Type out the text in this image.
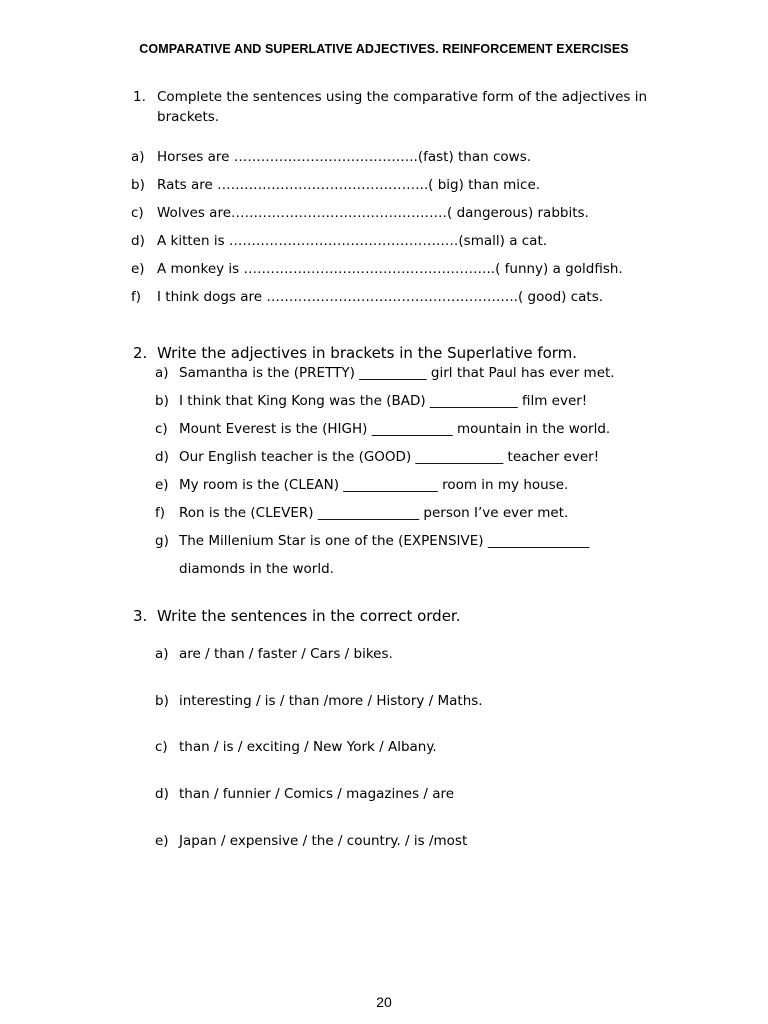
COMPARATIVE AND SUPERLATIVE ADJECTIVES. REINFORCEMENT EXERCISES
1. Complete the sentences using the comparative form of the adjectives in
brackets.
a) Horses are …………………………………..(fast) than cows.
b) Rats are ………………………………………..( big) than mice.
c) Wolves are…………………………………………( dangerous) rabbits.
d) A kitten is ……………………………………………(small) a cat.
e) A monkey is ………………………………………………..( funny) a goldfish.
f) I think dogs are ………………………………………………..( good) cats.
2. Write the adjectives in brackets in the Superlative form.
a) Samantha is the (PRETTY) __________ girl that Paul has ever met.
b) I think that King Kong was the (BAD) _____________ film ever!
c) Mount Everest is the (HIGH) ____________ mountain in the world.
d) Our English teacher is the (GOOD) _____________ teacher ever!
e) My room is the (CLEAN) ______________ room in my house.
f) Ron is the (CLEVER) _______________ person I’ve ever met.
g) The Millenium Star is one of the (EXPENSIVE) _______________
diamonds in the world.
3. Write the sentences in the correct order.
a) are / than / faster / Cars / bikes.
b) interesting / is / than /more / History / Maths.
c) than / is / exciting / New York / Albany.
d) than / funnier / Comics / magazines / are
e) Japan / expensive / the / country. / is /most
20
